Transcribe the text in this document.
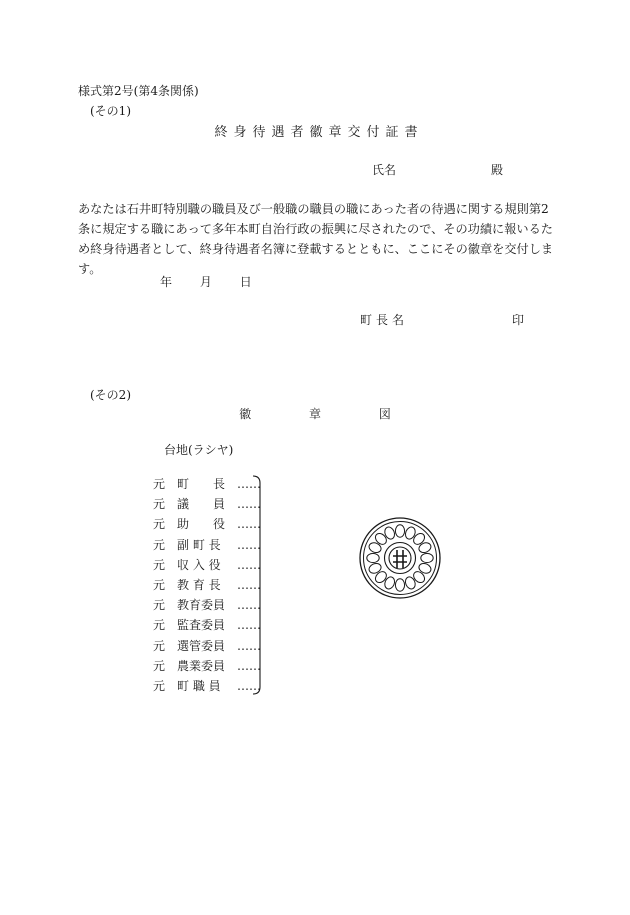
様式第2号(第4条関係)
(その1)
終身待遇者徽章交付証書
氏名	殿
あなたは石井町特別職の職員及び一般職の職員の職にあった者の待遇に関する規則第2条に規定する職にあって多年本町自治行政の振興に尽されたので、その功績に報いるため終身待遇者として、終身待遇者名簿に登載するとともに、ここにその徽章を交付します。
年 月 日
町長名	印
(その2)
徽	章	図
台地(ラシヤ)
元 町　　長 ……
元 議　　員 ……
元 助　　役 ……
元 副 町 長 ……
元 収 入 役 ……
元 教 育 長 ……
元 教育委員 ……
元 監査委員 ……
元 選管委員 ……
元 農業委員 ……
元 町 職 員 ……
